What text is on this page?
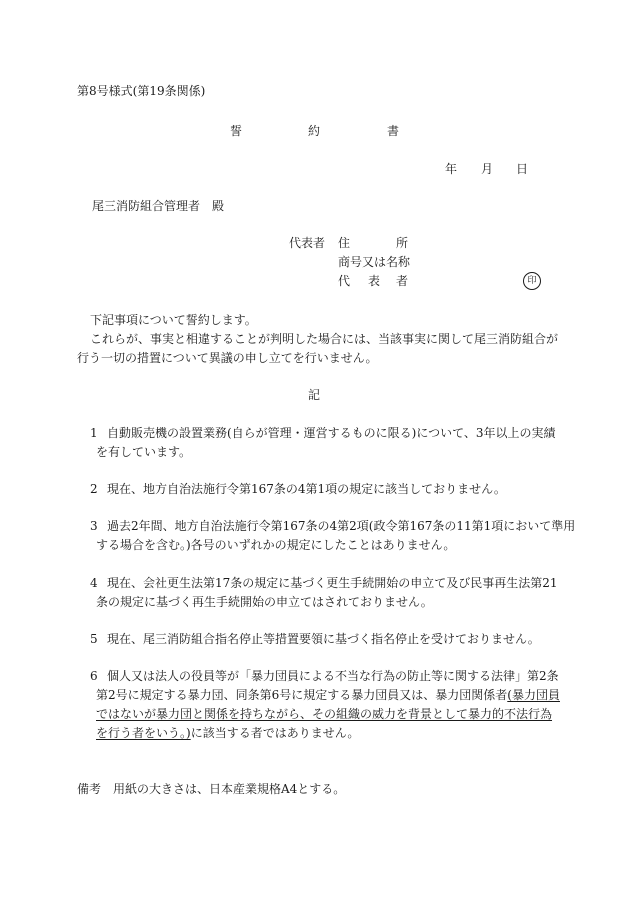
第8号様式(第19条関係)
誓	約	書
年 月 日
尾三消防組合管理者　殿
代表者 住	所
商号又は名称
代 表 者	印
下記事項について誓約します。
これらが、事実と相違することが判明した場合には、当該事実に関して尾三消防組合が
行う一切の措置について異議の申し立てを行いません。
記
1 自動販売機の設置業務(自らが管理・運営するものに限る)について、3年以上の実績
を有しています。
2 現在、地方自治法施行令第167条の4第1項の規定に該当しておりません。
3 過去2年間、地方自治法施行令第167条の4第2項(政令第167条の11第1項において準用
する場合を含む。)各号のいずれかの規定にしたことはありません。
4 現在、会社更生法第17条の規定に基づく更生手続開始の申立て及び民事再生法第21
条の規定に基づく再生手続開始の申立てはされておりません。
5 現在、尾三消防組合指名停止等措置要領に基づく指名停止を受けておりません。
6 個人又は法人の役員等が「暴力団員による不当な行為の防止等に関する法律」第2条
第2号に規定する暴力団、同条第6号に規定する暴力団員又は、暴力団関係者(暴力団員
ではないが暴力団と関係を持ちながら、その組織の威力を背景として暴力的不法行為
を行う者をいう。)に該当する者ではありません。
備考　用紙の大きさは、日本産業規格A4とする。
